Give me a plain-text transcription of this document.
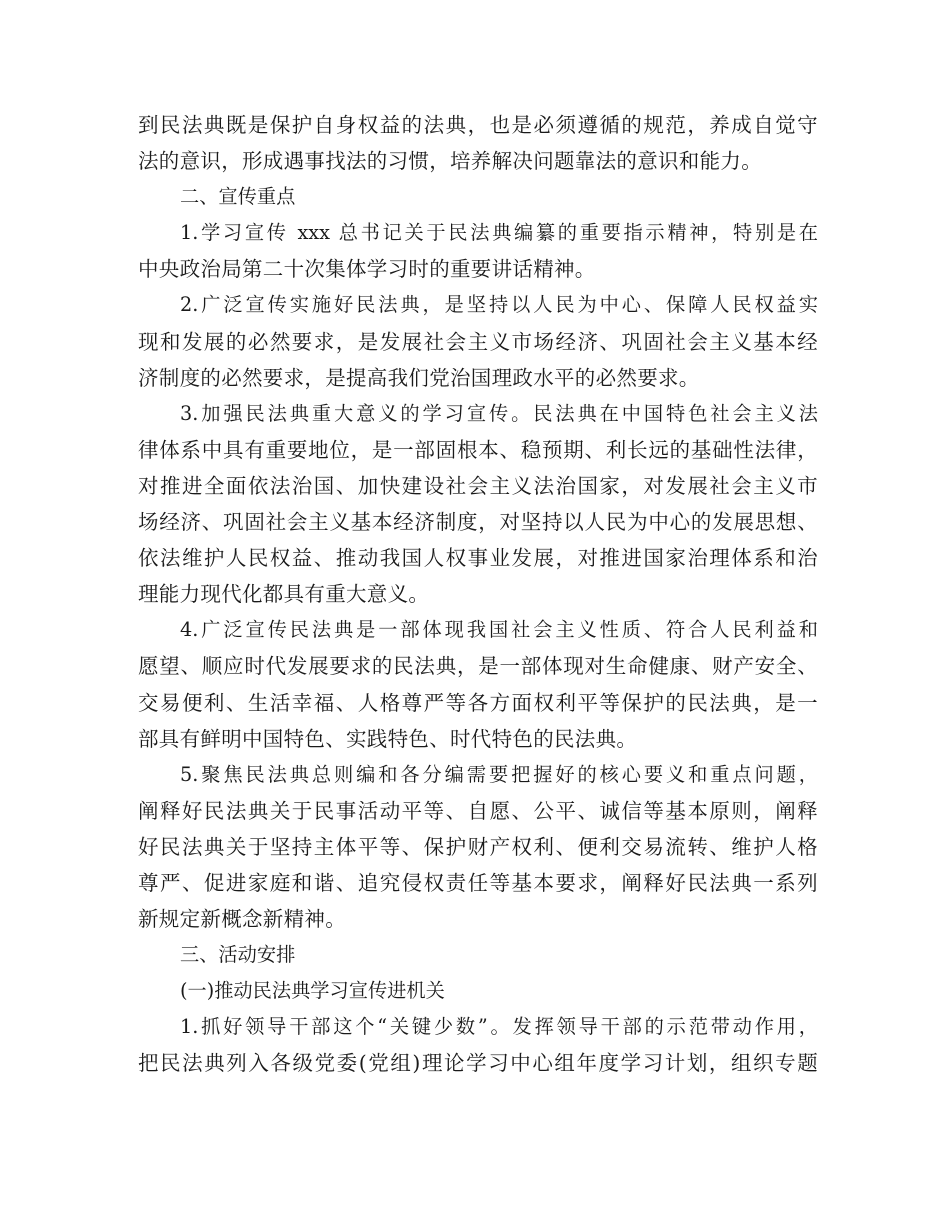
到民法典既是保护自身权益的法典，也是必须遵循的规范，养成自觉守
法的意识，形成遇事找法的习惯，培养解决问题靠法的意识和能力。
二、宣传重点
1.学习宣传 xxx 总书记关于民法典编纂的重要指示精神，特别是在
中央政治局第二十次集体学习时的重要讲话精神。
2.广泛宣传实施好民法典，是坚持以人民为中心、保障人民权益实
现和发展的必然要求，是发展社会主义市场经济、巩固社会主义基本经
济制度的必然要求，是提高我们党治国理政水平的必然要求。
3.加强民法典重大意义的学习宣传。民法典在中国特色社会主义法
律体系中具有重要地位，是一部固根本、稳预期、利长远的基础性法律，
对推进全面依法治国、加快建设社会主义法治国家，对发展社会主义市
场经济、巩固社会主义基本经济制度，对坚持以人民为中心的发展思想、
依法维护人民权益、推动我国人权事业发展，对推进国家治理体系和治
理能力现代化都具有重大意义。
4.广泛宣传民法典是一部体现我国社会主义性质、符合人民利益和
愿望、顺应时代发展要求的民法典，是一部体现对生命健康、财产安全、
交易便利、生活幸福、人格尊严等各方面权利平等保护的民法典，是一
部具有鲜明中国特色、实践特色、时代特色的民法典。
5.聚焦民法典总则编和各分编需要把握好的核心要义和重点问题，
阐释好民法典关于民事活动平等、自愿、公平、诚信等基本原则，阐释
好民法典关于坚持主体平等、保护财产权利、便利交易流转、维护人格
尊严、促进家庭和谐、追究侵权责任等基本要求，阐释好民法典一系列
新规定新概念新精神。
三、活动安排
(一)推动民法典学习宣传进机关
1.抓好领导干部这个“关键少数”。发挥领导干部的示范带动作用，
把民法典列入各级党委(党组)理论学习中心组年度学习计划，组织专题
